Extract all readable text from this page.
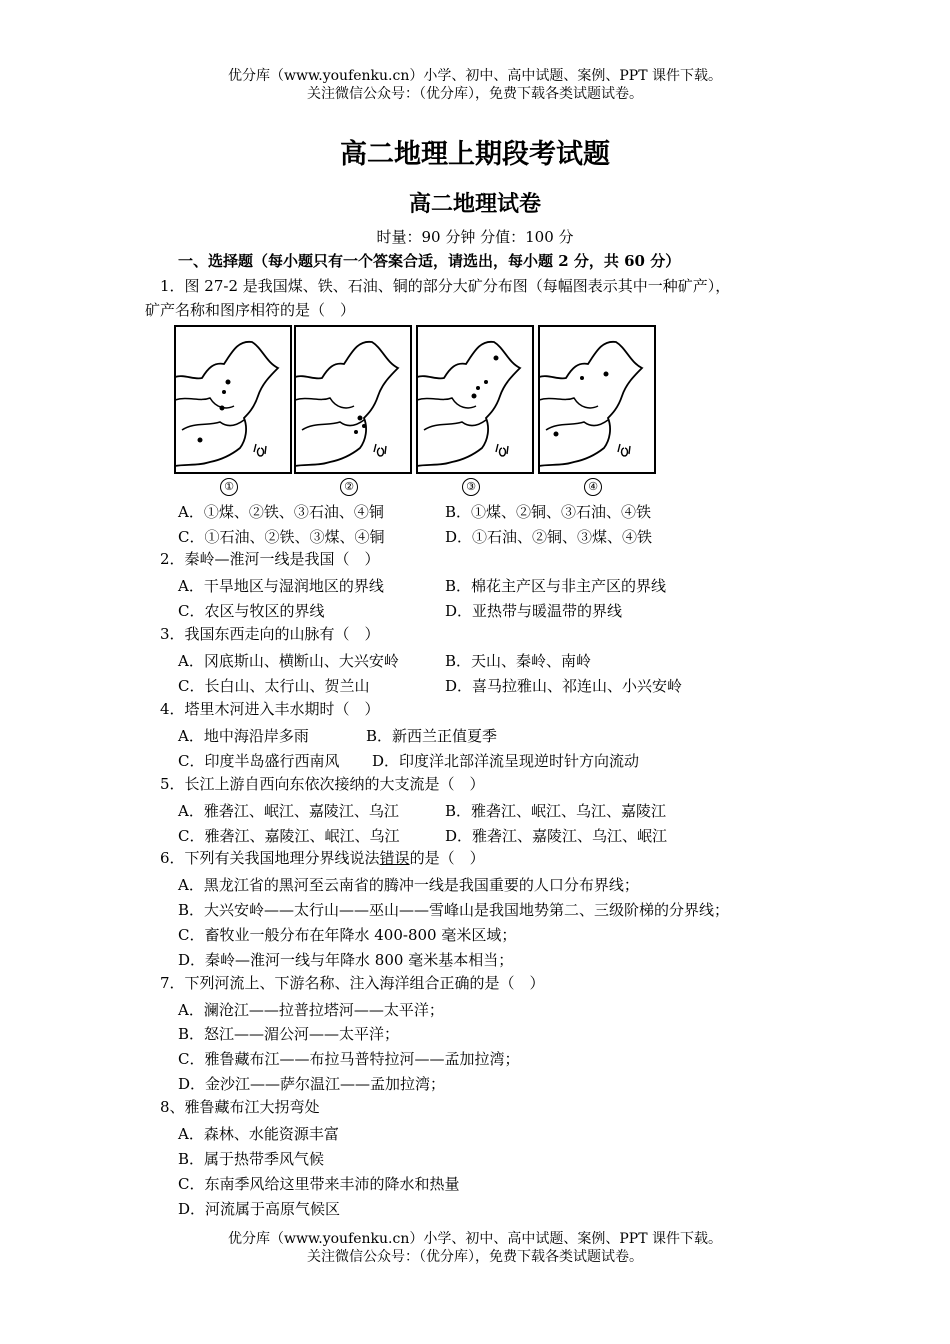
优分库（www.youfenku.cn）小学、初中、高中试题、案例、PPT 课件下载。
关注微信公众号：（优分库），免费下载各类试题试卷。
高二地理上期段考试题
高二地理试卷
时量：90 分钟 分值：100 分
一、选择题（每小题只有一个答案合适，请选出，每小题 2 分，共 60 分）
1．图 27-2 是我国煤、铁、石油、铜的部分大矿分布图（每幅图表示其中一种矿产），
矿产名称和图序相符的是（　）
①	②	③	④
A．①煤、②铁、③石油、④铜	B．①煤、②铜、③石油、④铁
C．①石油、②铁、③煤、④铜	D．①石油、②铜、③煤、④铁
2．秦岭—淮河一线是我国（　）
A．干旱地区与湿润地区的界线	B．棉花主产区与非主产区的界线
C．农区与牧区的界线	D．亚热带与暖温带的界线
3．我国东西走向的山脉有（　）
A．冈底斯山、横断山、大兴安岭	B．天山、秦岭、南岭
C．长白山、太行山、贺兰山	D．喜马拉雅山、祁连山、小兴安岭
4．塔里木河进入丰水期时（　）
A．地中海沿岸多雨	B．新西兰正值夏季
C．印度半岛盛行西南风 D．印度洋北部洋流呈现逆时针方向流动
5．长江上游自西向东依次接纳的大支流是（　）
A．雅砻江、岷江、嘉陵江、乌江	B．雅砻江、岷江、乌江、嘉陵江
C．雅砻江、嘉陵江、岷江、乌江	D．雅砻江、嘉陵江、乌江、岷江
6．下列有关我国地理分界线说法错误的是（　）
A．黑龙江省的黑河至云南省的腾冲一线是我国重要的人口分布界线；
B．大兴安岭——太行山——巫山——雪峰山是我国地势第二、三级阶梯的分界线；
C．畜牧业一般分布在年降水 400-800 毫米区域；
D．秦岭—淮河一线与年降水 800 毫米基本相当；
7．下列河流上、下游名称、注入海洋组合正确的是（　）
A．澜沧江——拉普拉塔河——太平洋；
B．怒江——湄公河——太平洋；
C．雅鲁藏布江——布拉马普特拉河——孟加拉湾；
D．金沙江——萨尔温江——孟加拉湾；
8、雅鲁藏布江大拐弯处
A．森林、水能资源丰富
B．属于热带季风气候
C．东南季风给这里带来丰沛的降水和热量
D．河流属于高原气候区
优分库（www.youfenku.cn）小学、初中、高中试题、案例、PPT 课件下载。
关注微信公众号：（优分库），免费下载各类试题试卷。
